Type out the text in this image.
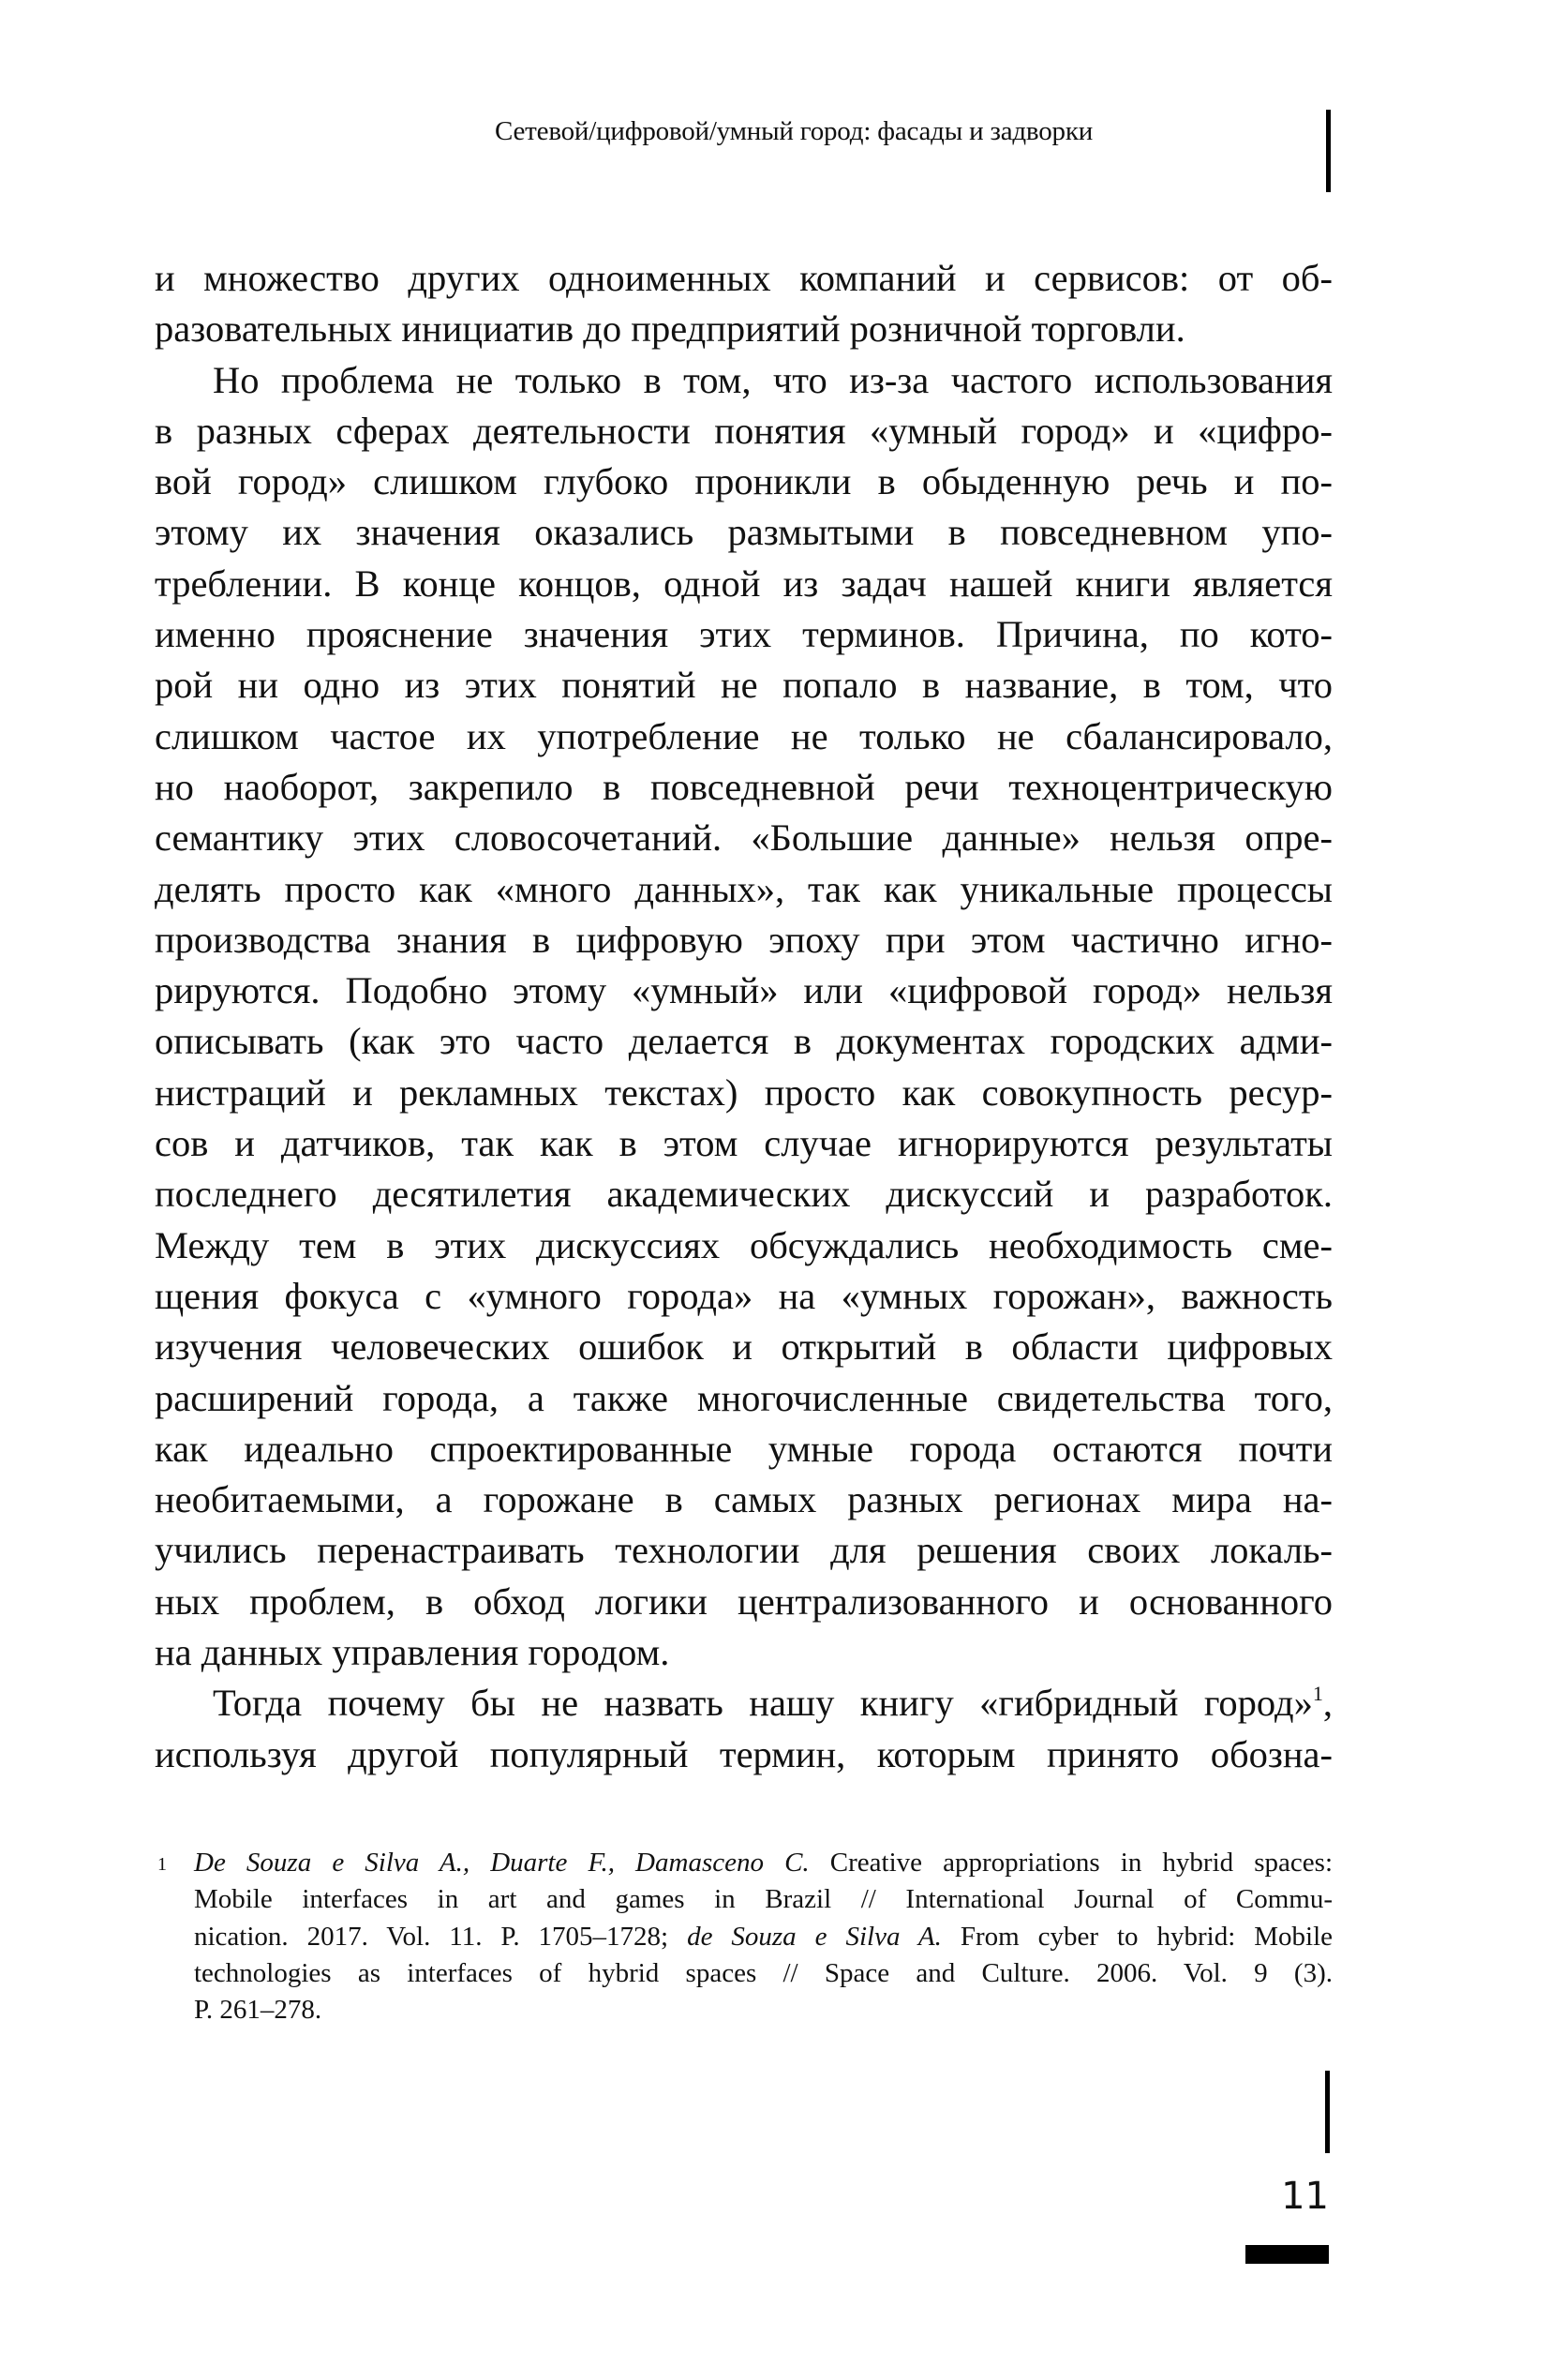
Сетевой/цифровой/умный город: фасады и задворки
и множество других одноименных компаний и сервисов: от об-
разовательных инициатив до предприятий розничной торговли.
Но проблема не только в том, что из-за частого использования
в разных сферах деятельности понятия «умный город» и «цифро-
вой город» слишком глубоко проникли в обыденную речь и по-
этому их значения оказались размытыми в повседневном упо-
треблении. В конце концов, одной из задач нашей книги является
именно прояснение значения этих терминов. Причина, по кото-
рой ни одно из этих понятий не попало в название, в том, что
слишком частое их употребление не только не сбалансировало,
но наоборот, закрепило в повседневной речи техноцентрическую
семантику этих словосочетаний. «Большие данные» нельзя опре-
делять просто как «много данных», так как уникальные процессы
производства знания в цифровую эпоху при этом частично игно-
рируются. Подобно этому «умный» или «цифровой город» нельзя
описывать (как это часто делается в документах городских адми-
нистраций и рекламных текстах) просто как совокупность ресур-
сов и датчиков, так как в этом случае игнорируются результаты
последнего десятилетия академических дискуссий и разработок.
Между тем в этих дискуссиях обсуждались необходимость сме-
щения фокуса с «умного города» на «умных горожан», важность
изучения человеческих ошибок и открытий в области цифровых
расширений города, а также многочисленные свидетельства того,
как идеально спроектированные умные города остаются почти
необитаемыми, а горожане в самых разных регионах мира на-
учились перенастраивать технологии для решения своих локаль-
ных проблем, в обход логики централизованного и основанного
на данных управления городом.
Тогда почему бы не назвать нашу книгу «гибридный город»$^1$,
используя другой популярный термин, которым принято обозна-
1 De Souza e Silva A., Duarte F., Damasceno C. Creative appropriations in hybrid spaces:
Mobile interfaces in art and games in Brazil // International Journal of Commu-
nication. 2017. Vol. 11. P. 1705–1728; de Souza e Silva A. From cyber to hybrid: Mobile
technologies as interfaces of hybrid spaces // Space and Culture. 2006. Vol. 9 (3).
P. 261–278.
11
